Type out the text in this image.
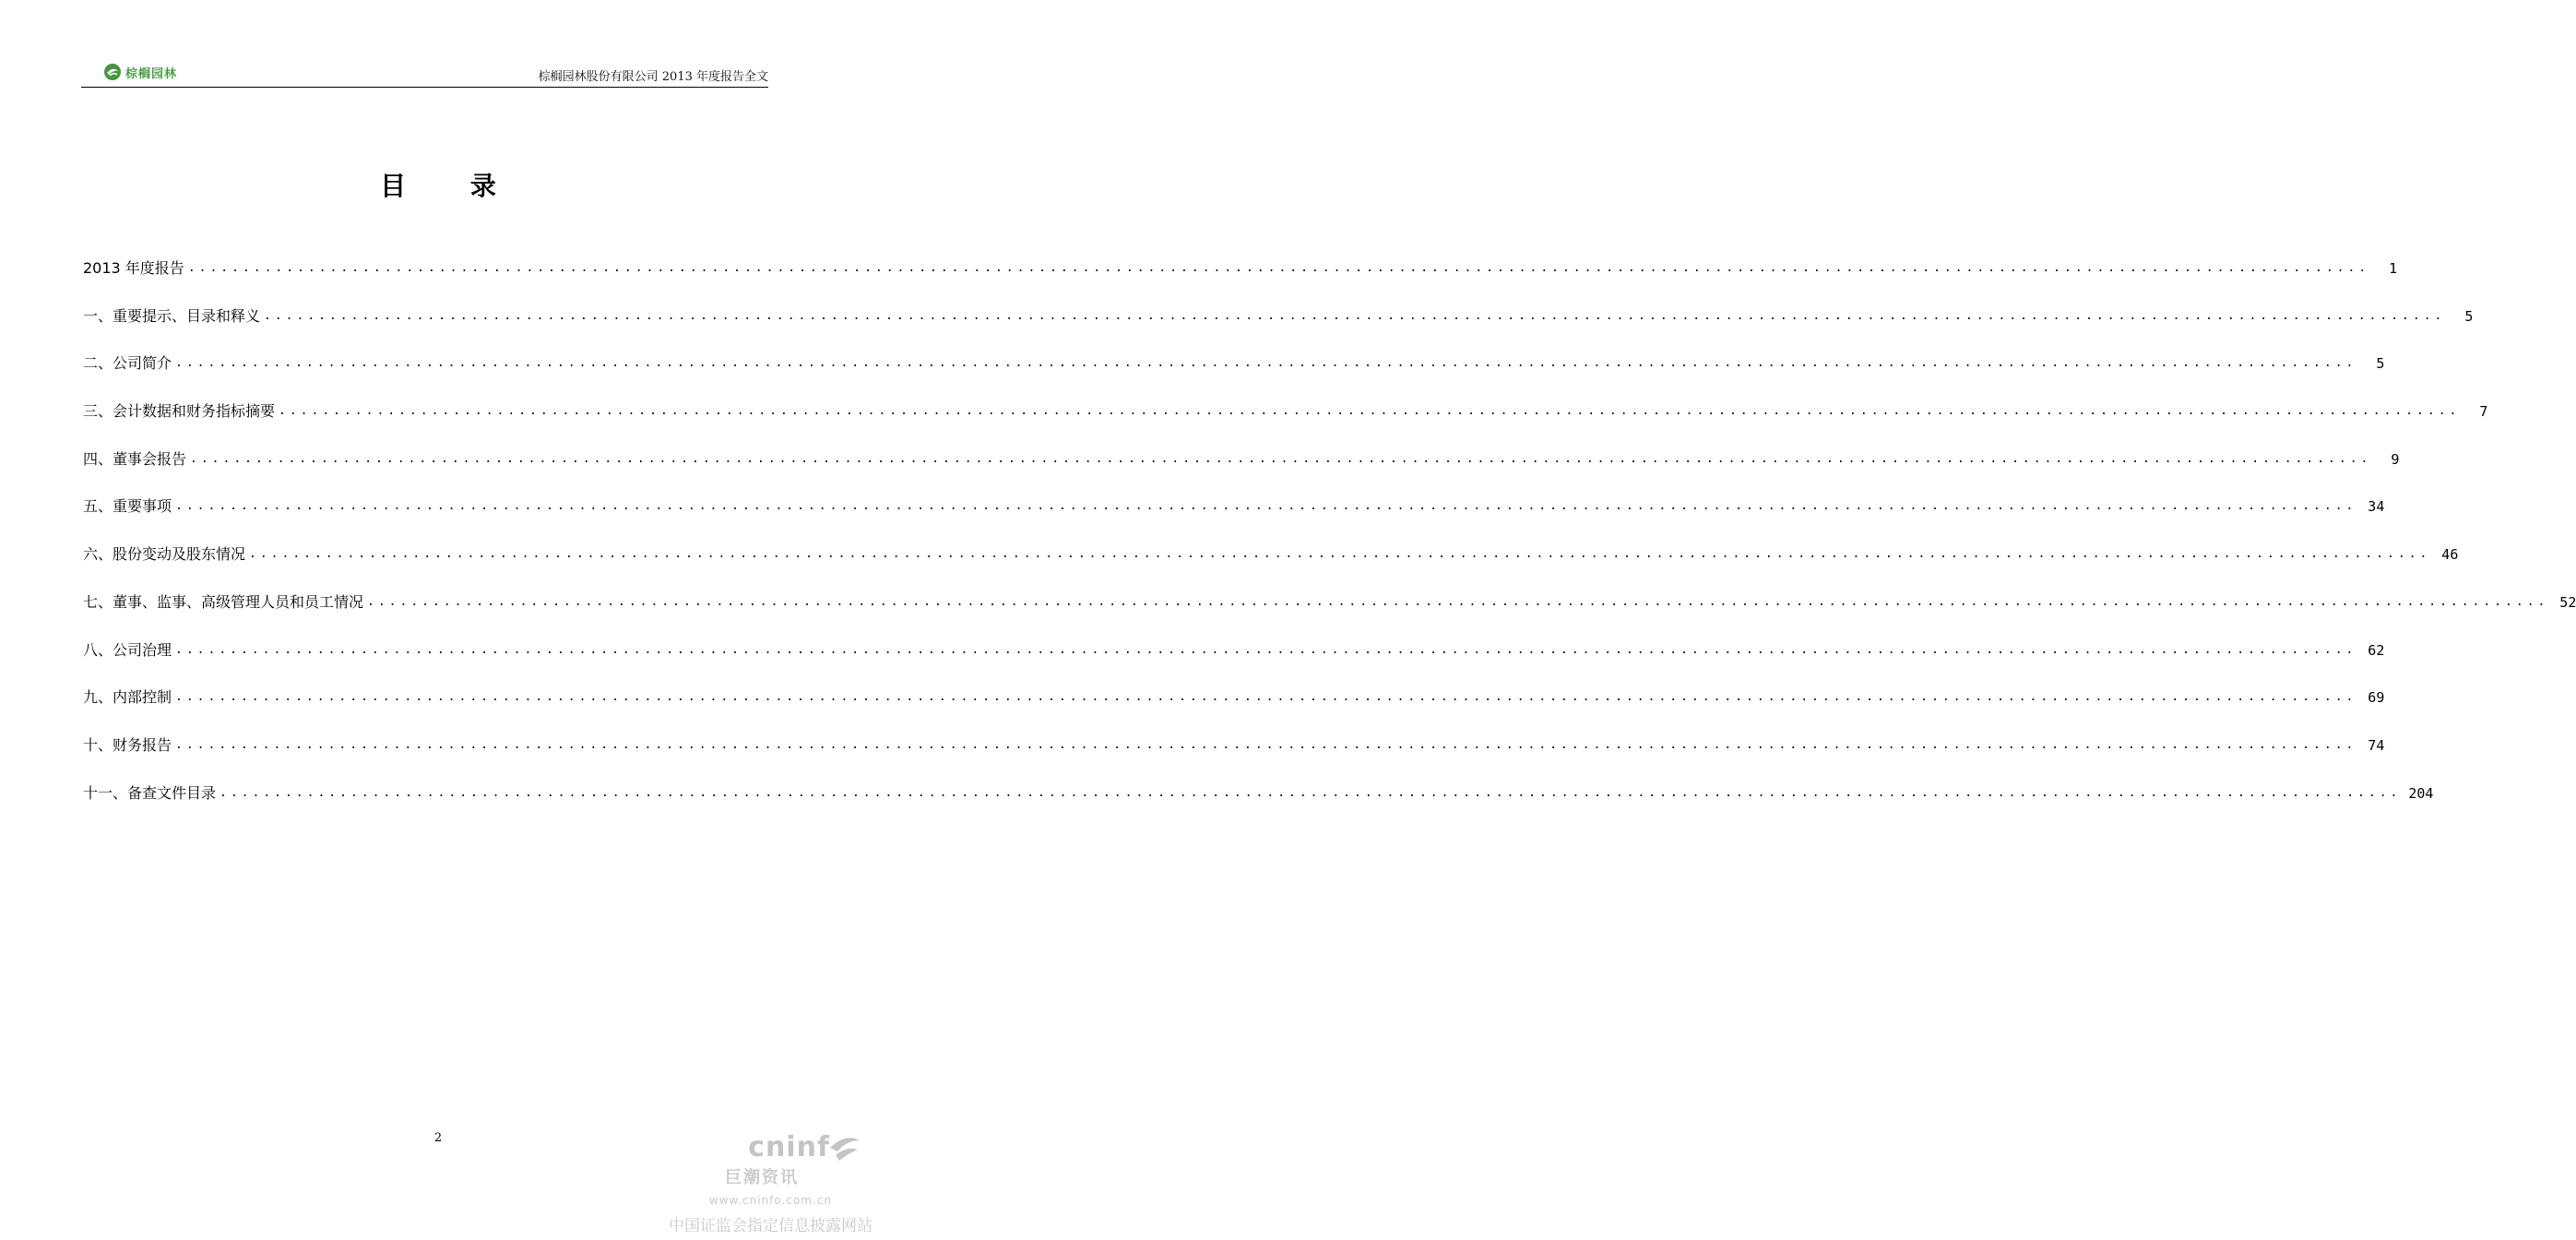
棕榈园林	棕榈园林股份有限公司 2013 年度报告全文
目 录
2013 年度报告 ........................................................................................................................................................................................................	1
一、重要提示、目录和释义 ........................................................................................................................................................................................................	5
二、公司简介 ........................................................................................................................................................................................................	5
三、会计数据和财务指标摘要 ........................................................................................................................................................................................................	7
四、董事会报告 ........................................................................................................................................................................................................	9
五、重要事项 ........................................................................................................................................................................................................ 34
六、股份变动及股东情况 ........................................................................................................................................................................................................ 46
七、董事、监事、高级管理人员和员工情况 ........................................................................................................................................................................................................ 52
八、公司治理 ........................................................................................................................................................................................................ 62
九、内部控制 ........................................................................................................................................................................................................ 69
十、财务报告 ........................................................................................................................................................................................................ 74
十一、备查文件目录 ........................................................................................................................................................................................................ 204
2	cninf
巨潮资讯
www.cninfo.com.cn
中国证监会指定信息披露网站
